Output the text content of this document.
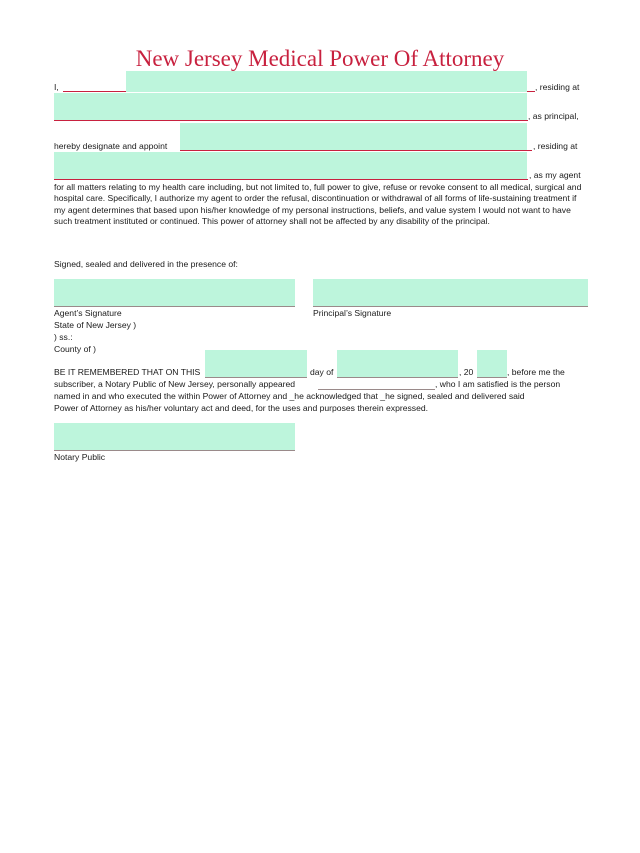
New Jersey Medical Power Of Attorney
I,	, residing at
, as principal,
hereby designate and appoint	, residing at
, as my agent
for all matters relating to my health care including, but not limited to, full power to give, refuse or revoke consent to all medical, surgical and hospital care. Specifically, I authorize my agent to order the refusal, discontinuation or withdrawal of all forms of life-sustaining treatment if my agent determines that based upon his/her knowledge of my personal instructions, beliefs, and value system I would not want to have such treatment instituted or continued. This power of attorney shall not be affected by any disability of the principal.
Signed, sealed and delivered in the presence of:
Agent’s Signature	Principal’s Signature
State of New Jersey )
) ss.:
County of )
BE IT REMEMBERED THAT ON THIS	day of	, 20	, before me the
subscriber, a Notary Public of New Jersey, personally appeared	, who I am satisfied is the person
named in and who executed the within Power of Attorney and _he acknowledged that _he signed, sealed and delivered said
Power of Attorney as his/her voluntary act and deed, for the uses and purposes therein expressed.
Notary Public
